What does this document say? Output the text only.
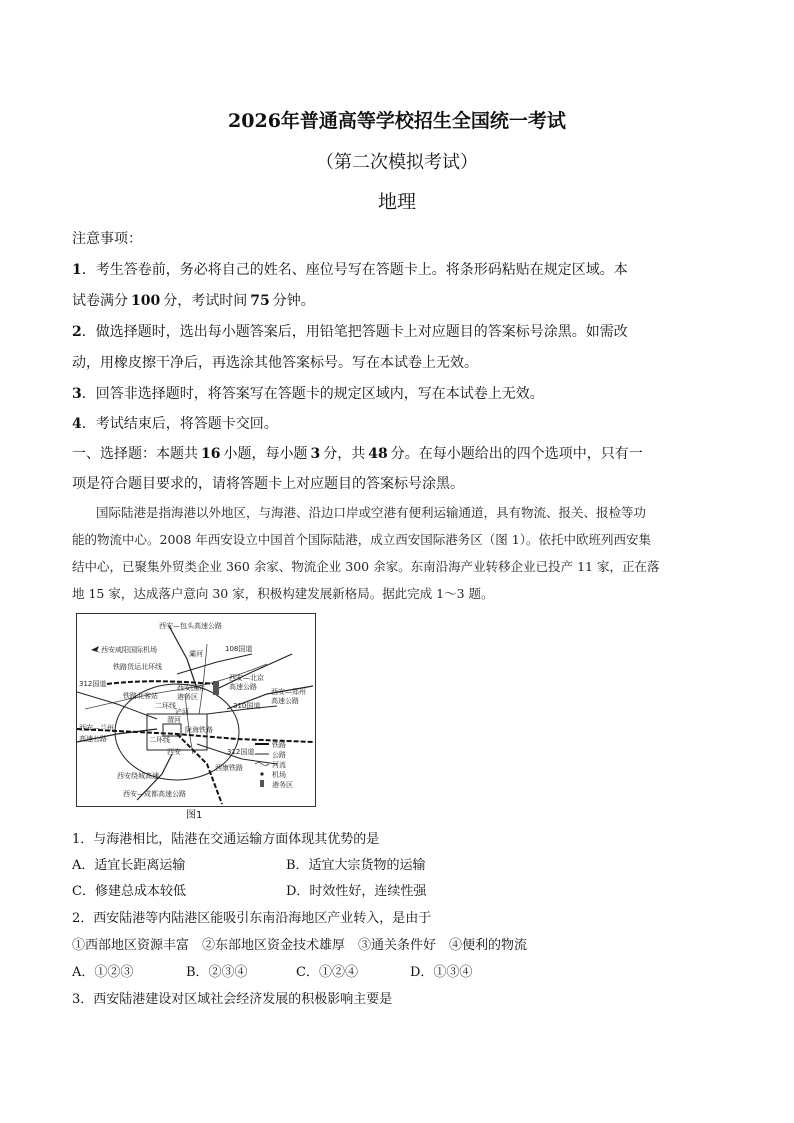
2026年普通高等学校招生全国统一考试
（第二次模拟考试）
地理
注意事项：
1．考生答卷前，务必将自己的姓名、座位号写在答题卡上。将条形码粘贴在规定区域。本
试卷满分 100 分，考试时间 75 分钟。
2．做选择题时，选出每小题答案后，用铅笔把答题卡上对应题目的答案标号涂黑。如需改
动，用橡皮擦干净后，再选涂其他答案标号。写在本试卷上无效。
3．回答非选择题时，将答案写在答题卡的规定区域内，写在本试卷上无效。
4．考试结束后，将答题卡交回。
一、选择题：本题共 16 小题，每小题 3 分，共 48 分。在每小题给出的四个选项中，只有一
项是符合题目要求的，请将答题卡上对应题目的答案标号涂黑。
国际陆港是指海港以外地区，与海港、沿边口岸或空港有便利运输通道，具有物流、报关、报检等功
能的物流中心。2008 年西安设立中国首个国际陆港，成立西安国际港务区（图 1）。依托中欧班列西安集
结中心，已聚集外贸类企业 360 余家、物流企业 300 余家。东南沿海产业转移企业已投产 11 家，正在落
地 15 家，达成落户意向 30 家，积极构建发展新格局。据此完成 1～3 题。
西安—包头高速公路
108国道
西安咸阳国际机场	灞河
铁路货运北环线
312国道	西安国际
港务区
西安—北京
高速公路
西安—郑州
高速公路
铁路北客站
二环线	310国道
浐河
渭河
西安—兰州
高速公路
陇海铁路
二环线
西安	312国道
西安绕城高速
西康铁路
西安—成都高速公路
铁路
公路
河流
机场
港务区
图1
1．与海港相比，陆港在交通运输方面体现其优势的是
A．适宜长距离运输	B．适宜大宗货物的运输
C．修建总成本较低	D．时效性好，连续性强
2．西安陆港等内陆港区能吸引东南沿海地区产业转入，是由于
①西部地区资源丰富　②东部地区资金技术雄厚　③通关条件好　④便利的物流
A．①②③	B．②③④	C．①②④	D．①③④
3．西安陆港建设对区域社会经济发展的积极影响主要是
